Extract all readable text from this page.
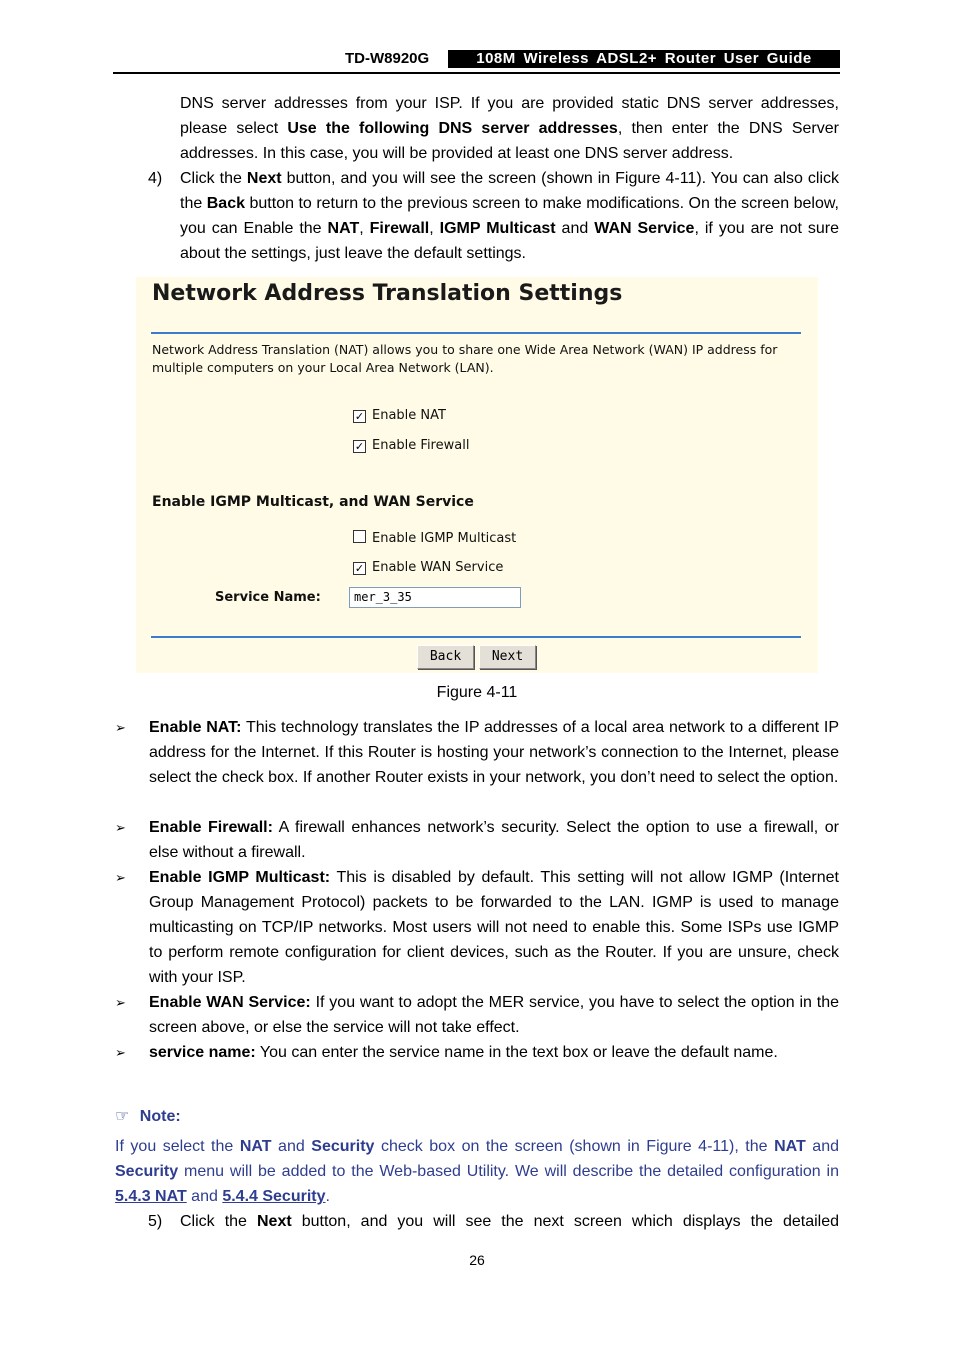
TD-W8920G	108M Wireless ADSL2+ Router User Guide
DNS server addresses from your ISP. If you are provided static DNS server addresses, please select Use the following DNS server addresses, then enter the DNS Server addresses. In this case, you will be provided at least one DNS server address.
4) Click the Next button, and you will see the screen (shown in Figure 4-11). You can also click the Back button to return to the previous screen to make modifications. On the screen below, you can Enable the NAT, Firewall, IGMP Multicast and WAN Service, if you are not sure about the settings, just leave the default settings.
Network Address Translation Settings
Network Address Translation (NAT) allows you to share one Wide Area Network (WAN) IP address for multiple computers on your Local Area Network (LAN).
✓ Enable NAT
✓ Enable Firewall
Enable IGMP Multicast, and WAN Service
Enable IGMP Multicast
✓ Enable WAN Service
Service Name:	mer_3_35
Back	Next
Figure 4-11
➢ Enable NAT: This technology translates the IP addresses of a local area network to a different IP address for the Internet. If this Router is hosting your network’s connection to the Internet, please select the check box. If another Router exists in your network, you don’t need to select the option.
➢ Enable Firewall: A firewall enhances network’s security. Select the option to use a firewall, or else without a firewall.
➢ Enable IGMP Multicast: This is disabled by default. This setting will not allow IGMP (Internet Group Management Protocol) packets to be forwarded to the LAN. IGMP is used to manage multicasting on TCP/IP networks. Most users will not need to enable this. Some ISPs use IGMP to perform remote configuration for client devices, such as the Router. If you are unsure, check with your ISP.
➢ Enable WAN Service: If you want to adopt the MER service, you have to select the option in the screen above, or else the service will not take effect.
➢ service name: You can enter the service name in the text box or leave the default name.
☞ Note:
If you select the NAT and Security check box on the screen (shown in Figure 4-11), the NAT and Security menu will be added to the Web-based Utility. We will describe the detailed configuration in 5.4.3 NAT and 5.4.4 Security.
5) Click the Next button, and you will see the next screen which displays the detailed
26
